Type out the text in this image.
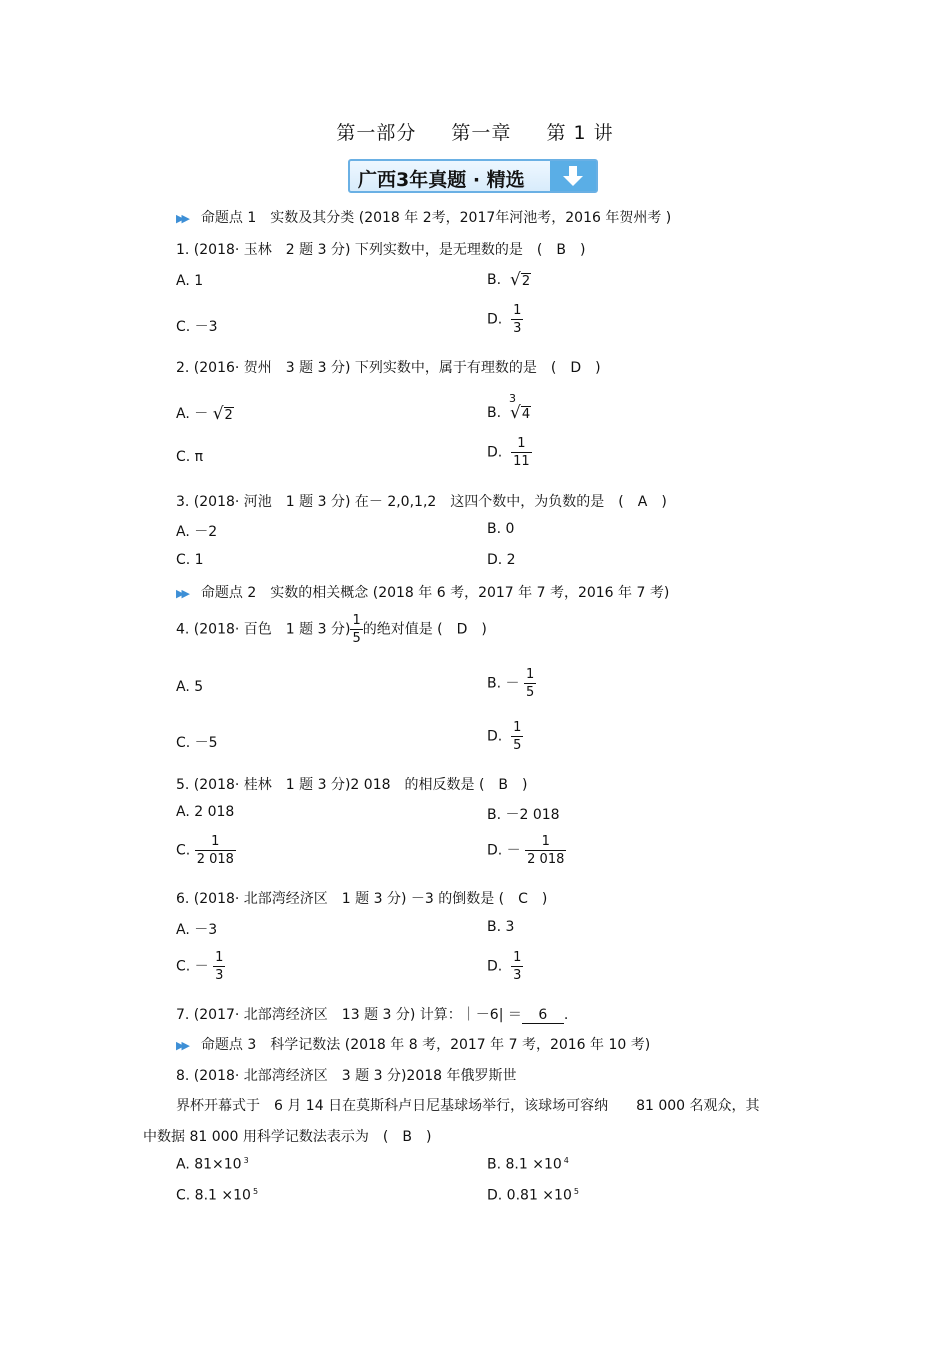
第一部分 第一章 第 1 讲
广西3年真题 · 精选
▶▶ 命题点 1　实数及其分类 (2018 年 2考，2017年河池考，2016 年贺州考 )
1. (2018· 玉林　2 题 3 分) 下列实数中，是无理数的是　(　B　)
A. 1	B. √2
C. －3	D. $\frac{1}{3}$
2. (2016· 贺州　3 题 3 分) 下列实数中，属于有理数的是　(　D　)
A. － √2	B.
3
√4
C. π	D. $\frac{1}{11}$
3. (2018· 河池　1 题 3 分) 在－ 2,0,1,2　这四个数中，为负数的是　(　A　)
A. －2	B. 0
C. 1	D. 2
▶▶ 命题点 2　实数的相关概念 (2018 年 6 考，2017 年 7 考，2016 年 7 考)
4. (2018· 百色　1 题 3 分) $\frac{1}{5}$ 的绝对值是 (　D　)
A. 5	B. － $\frac{1}{5}$
C. －5	D. $\frac{1}{5}$
5. (2018· 桂林　1 题 3 分)2 018　的相反数是 (　B　)
A. 2 018	B. －2 018
C. $\frac{1}{2 018}$	D. － $\frac{1}{2 018}$
6. (2018· 北部湾经济区　1 题 3 分) －3 的倒数是 (　C　)
A. －3	B. 3
C. － $\frac{1}{3}$	D. $\frac{1}{3}$
7. (2017· 北部湾经济区　13 题 3 分) 计算：｜－6| ＝ 6 .
▶▶ 命题点 3　科学记数法 (2018 年 8 考，2017 年 7 考，2016 年 10 考)
8. (2018· 北部湾经济区　3 题 3 分)2018 年俄罗斯世
界杯开幕式于　6 月 14 日在莫斯科卢日尼基球场举行，该球场可容纳　　81 000 名观众，其
中数据 81 000 用科学记数法表示为　(　B　)
A. 81×10 $^3$	B. 8.1 ×10 $^4$
C. 8.1 ×10 $^5$	D. 0.81 ×10 $^5$
